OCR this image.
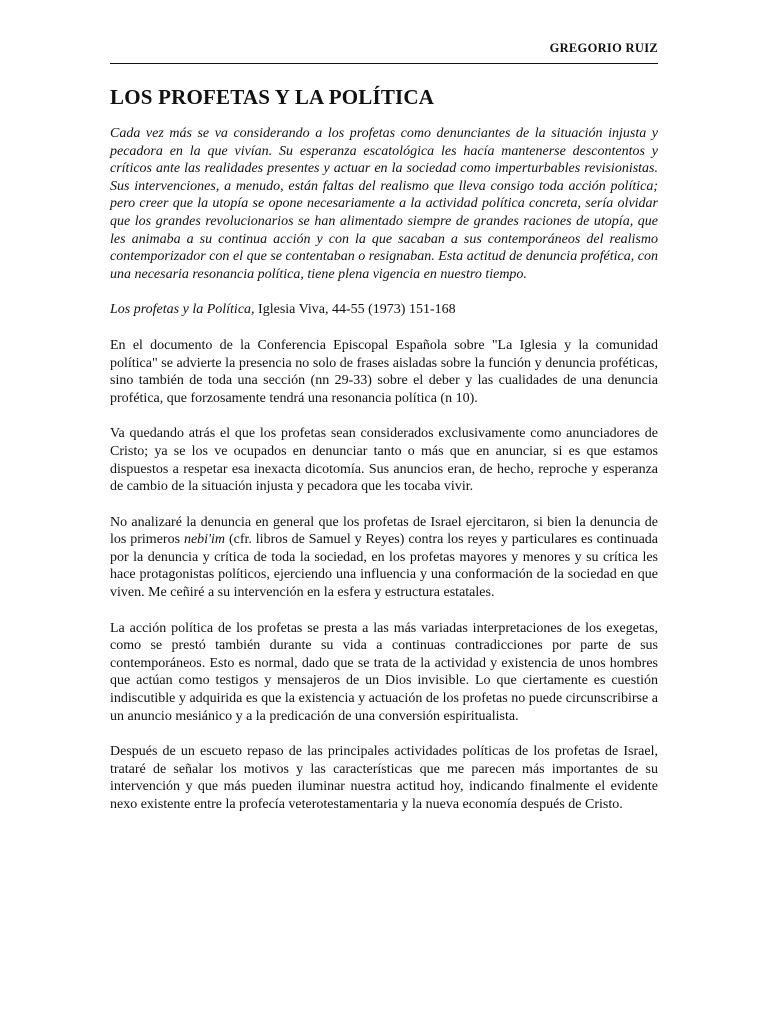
GREGORIO RUIZ
LOS PROFETAS Y LA POLÍTICA

Cada vez más se va considerando a los profetas como denunciantes de la situación injusta y pecadora en la que vivían. Su esperanza escatológica les hacía mantenerse descontentos y críticos ante las realidades presentes y actuar en la sociedad como imperturbables revisionistas. Sus intervenciones, a menudo, están faltas del realismo que lleva consigo toda acción política; pero creer que la utopía se opone necesariamente a la actividad política concreta, sería olvidar que los grandes revolucionarios se han alimentado siempre de grandes raciones de utopía, que les animaba a su continua acción y con la que sacaban a sus contemporáneos del realismo contemporizador con el que se contentaban o resignaban. Esta actitud de denuncia profética, con una necesaria resonancia política, tiene plena vigencia en nuestro tiempo.

Los profetas y la Política, Iglesia Viva, 44-55 (1973) 151-168

En el documento de la Conferencia Episcopal Española sobre "La Iglesia y la comunidad política" se advierte la presencia no solo de frases aisladas sobre la función y denuncia proféticas, sino también de toda una sección (nn 29-33) sobre el deber y las cualidades de una denuncia profética, que forzosamente tendrá una resonancia política (n 10).

Va quedando atrás el que los profetas sean considerados exclusivamente como anunciadores de Cristo; ya se los ve ocupados en denunciar tanto o más que en anunciar, si es que estamos dispuestos a respetar esa inexacta dicotomía. Sus anuncios eran, de hecho, reproche y esperanza de cambio de la situación injusta y pecadora que les tocaba vivir.

No analizaré la denuncia en general que los profetas de Israel ejercitaron, si bien la denuncia de los primeros nebi'im (cfr. libros de Samuel y Reyes) contra los reyes y particulares es continuada por la denuncia y crítica de toda la sociedad, en los profetas mayores y menores y su crítica les hace protagonistas políticos, ejerciendo una influencia y una conformación de la sociedad en que viven. Me ceñiré a su intervención en la esfera y estructura estatales.

La acción política de los profetas se presta a las más variadas interpretaciones de los exegetas, como se prestó también durante su vida a continuas contradicciones por parte de sus contemporáneos. Esto es normal, dado que se trata de la actividad y existencia de unos hombres que actúan como testigos y mensajeros de un Dios invisible. Lo que ciertamente es cuestión indiscutible y adquirida es que la existencia y actuación de los profetas no puede circunscribirse a un anuncio mesiánico y a la predicación de una conversión espiritualista.

Después de un escueto repaso de las principales actividades políticas de los profetas de Israel, trataré de señalar los motivos y las características que me parecen más importantes de su intervención y que más pueden iluminar nuestra actitud hoy, indicando finalmente el evidente nexo existente entre la profecía veterotestamentaria y la nueva economía después de Cristo.
